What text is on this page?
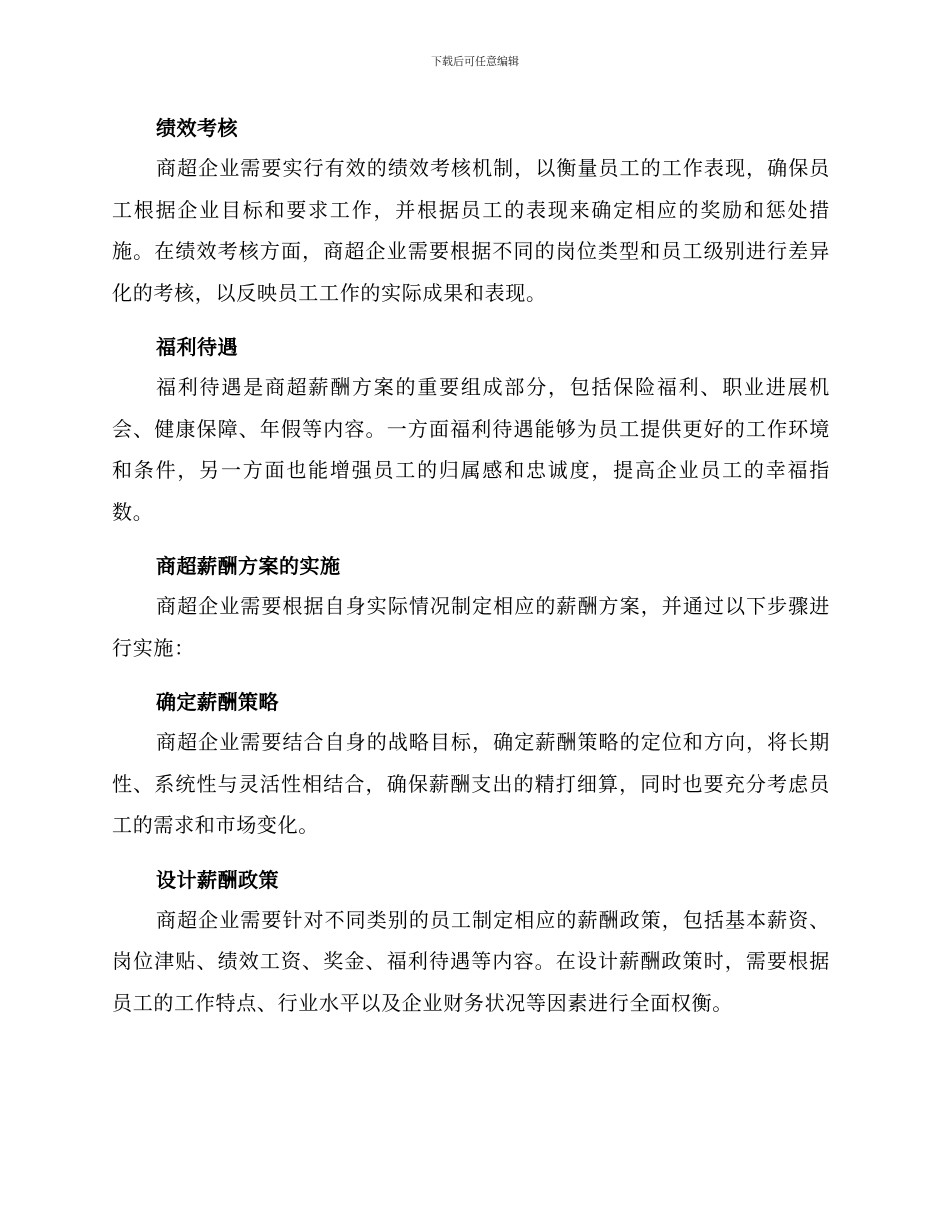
下载后可任意编辑
绩效考核

商超企业需要实行有效的绩效考核机制，以衡量员工的工作表现，确保员工根据企业目标和要求工作，并根据员工的表现来确定相应的奖励和惩处措施。在绩效考核方面，商超企业需要根据不同的岗位类型和员工级别进行差异化的考核，以反映员工工作的实际成果和表现。

福利待遇

福利待遇是商超薪酬方案的重要组成部分，包括保险福利、职业进展机会、健康保障、年假等内容。一方面福利待遇能够为员工提供更好的工作环境和条件，另一方面也能增强员工的归属感和忠诚度，提高企业员工的幸福指数。

商超薪酬方案的实施

商超企业需要根据自身实际情况制定相应的薪酬方案，并通过以下步骤进行实施：

确定薪酬策略

商超企业需要结合自身的战略目标，确定薪酬策略的定位和方向，将长期性、系统性与灵活性相结合，确保薪酬支出的精打细算，同时也要充分考虑员工的需求和市场变化。

设计薪酬政策

商超企业需要针对不同类别的员工制定相应的薪酬政策，包括基本薪资、岗位津贴、绩效工资、奖金、福利待遇等内容。在设计薪酬政策时，需要根据员工的工作特点、行业水平以及企业财务状况等因素进行全面权衡。
